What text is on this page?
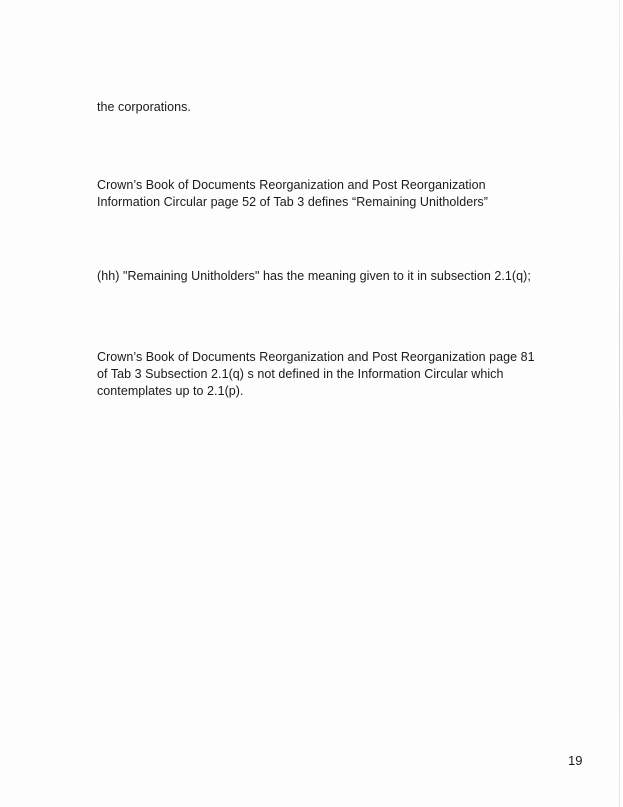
the corporations.
Crown’s Book of Documents Reorganization and Post Reorganization
Information Circular page 52 of Tab 3 defines “Remaining Unitholders”
(hh) "Remaining Unitholders" has the meaning given to it in subsection 2.1(q);
Crown’s Book of Documents Reorganization and Post Reorganization page 81
of Tab 3 Subsection 2.1(q) s not defined in the Information Circular which
contemplates up to 2.1(p).
19
